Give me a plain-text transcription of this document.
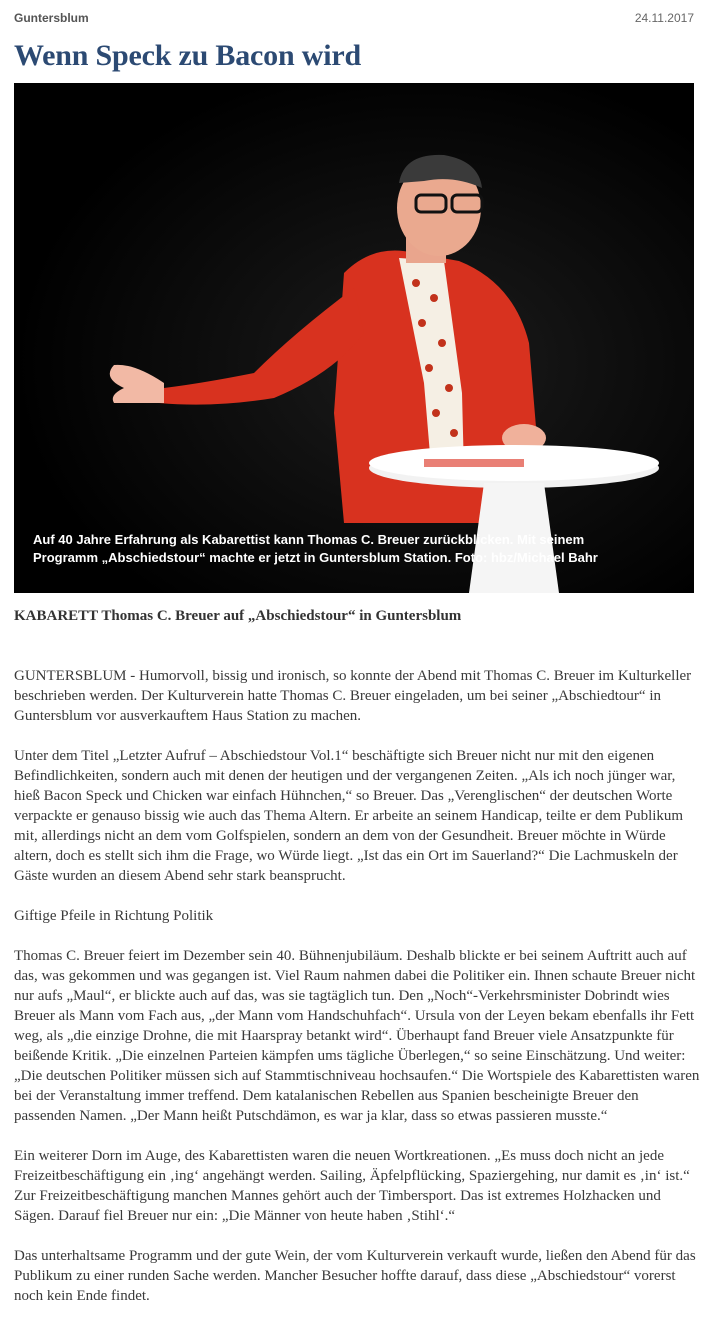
Guntersblum	24.11.2017
Wenn Speck zu Bacon wird
Auf 40 Jahre Erfahrung als Kabarettist kann Thomas C. Breuer zurückblicken. Mit seinem Programm „Abschiedstour“ machte er jetzt in Guntersblum Station. Foto: hbz/Michael Bahr

KABARETT Thomas C. Breuer auf „Abschiedstour“ in Guntersblum

GUNTERSBLUM - Humorvoll, bissig und ironisch, so konnte der Abend mit Thomas C. Breuer im Kulturkeller beschrieben werden. Der Kulturverein hatte Thomas C. Breuer eingeladen, um bei seiner „Abschiedtour“ in Guntersblum vor ausverkauftem Haus Station zu machen.

Unter dem Titel „Letzter Aufruf – Abschiedstour Vol.1“ beschäftigte sich Breuer nicht nur mit den eigenen Befindlichkeiten, sondern auch mit denen der heutigen und der vergangenen Zeiten. „Als ich noch jünger war, hieß Bacon Speck und Chicken war einfach Hühnchen,“ so Breuer. Das „Verenglischen“ der deutschen Worte verpackte er genauso bissig wie auch das Thema Altern. Er arbeite an seinem Handicap, teilte er dem Publikum mit, allerdings nicht an dem vom Golfspielen, sondern an dem von der Gesundheit. Breuer möchte in Würde altern, doch es stellt sich ihm die Frage, wo Würde liegt. „Ist das ein Ort im Sauerland?“ Die Lachmuskeln der Gäste wurden an diesem Abend sehr stark beansprucht.

Giftige Pfeile in Richtung Politik

Thomas C. Breuer feiert im Dezember sein 40. Bühnenjubiläum. Deshalb blickte er bei seinem Auftritt auch auf das, was gekommen und was gegangen ist. Viel Raum nahmen dabei die Politiker ein. Ihnen schaute Breuer nicht nur aufs „Maul“, er blickte auch auf das, was sie tagtäglich tun. Den „Noch“-Verkehrsminister Dobrindt wies Breuer als Mann vom Fach aus, „der Mann vom Handschuhfach“. Ursula von der Leyen bekam ebenfalls ihr Fett weg, als „die einzige Drohne, die mit Haarspray betankt wird“. Überhaupt fand Breuer viele Ansatzpunkte für beißende Kritik. „Die einzelnen Parteien kämpfen ums tägliche Überlegen,“ so seine Einschätzung. Und weiter: „Die deutschen Politiker müssen sich auf Stammtischniveau hochsaufen.“ Die Wortspiele des Kabarettisten waren bei der Veranstaltung immer treffend. Dem katalanischen Rebellen aus Spanien bescheinigte Breuer den passenden Namen. „Der Mann heißt Putschdämon, es war ja klar, dass so etwas passieren musste.“

Ein weiterer Dorn im Auge, des Kabarettisten waren die neuen Wortkreationen. „Es muss doch nicht an jede Freizeitbeschäftigung ein ‚ing‘ angehängt werden. Sailing, Äpfelpflücking, Spaziergehing, nur damit es ‚in‘ ist.“ Zur Freizeitbeschäftigung manchen Mannes gehört auch der Timbersport. Das ist extremes Holzhacken und Sägen. Darauf fiel Breuer nur ein: „Die Männer von heute haben ‚Stihl‘.“

Das unterhaltsame Programm und der gute Wein, der vom Kulturverein verkauft wurde, ließen den Abend für das Publikum zu einer runden Sache werden. Mancher Besucher hoffte darauf, dass diese „Abschiedstour“ vorerst noch kein Ende findet.
